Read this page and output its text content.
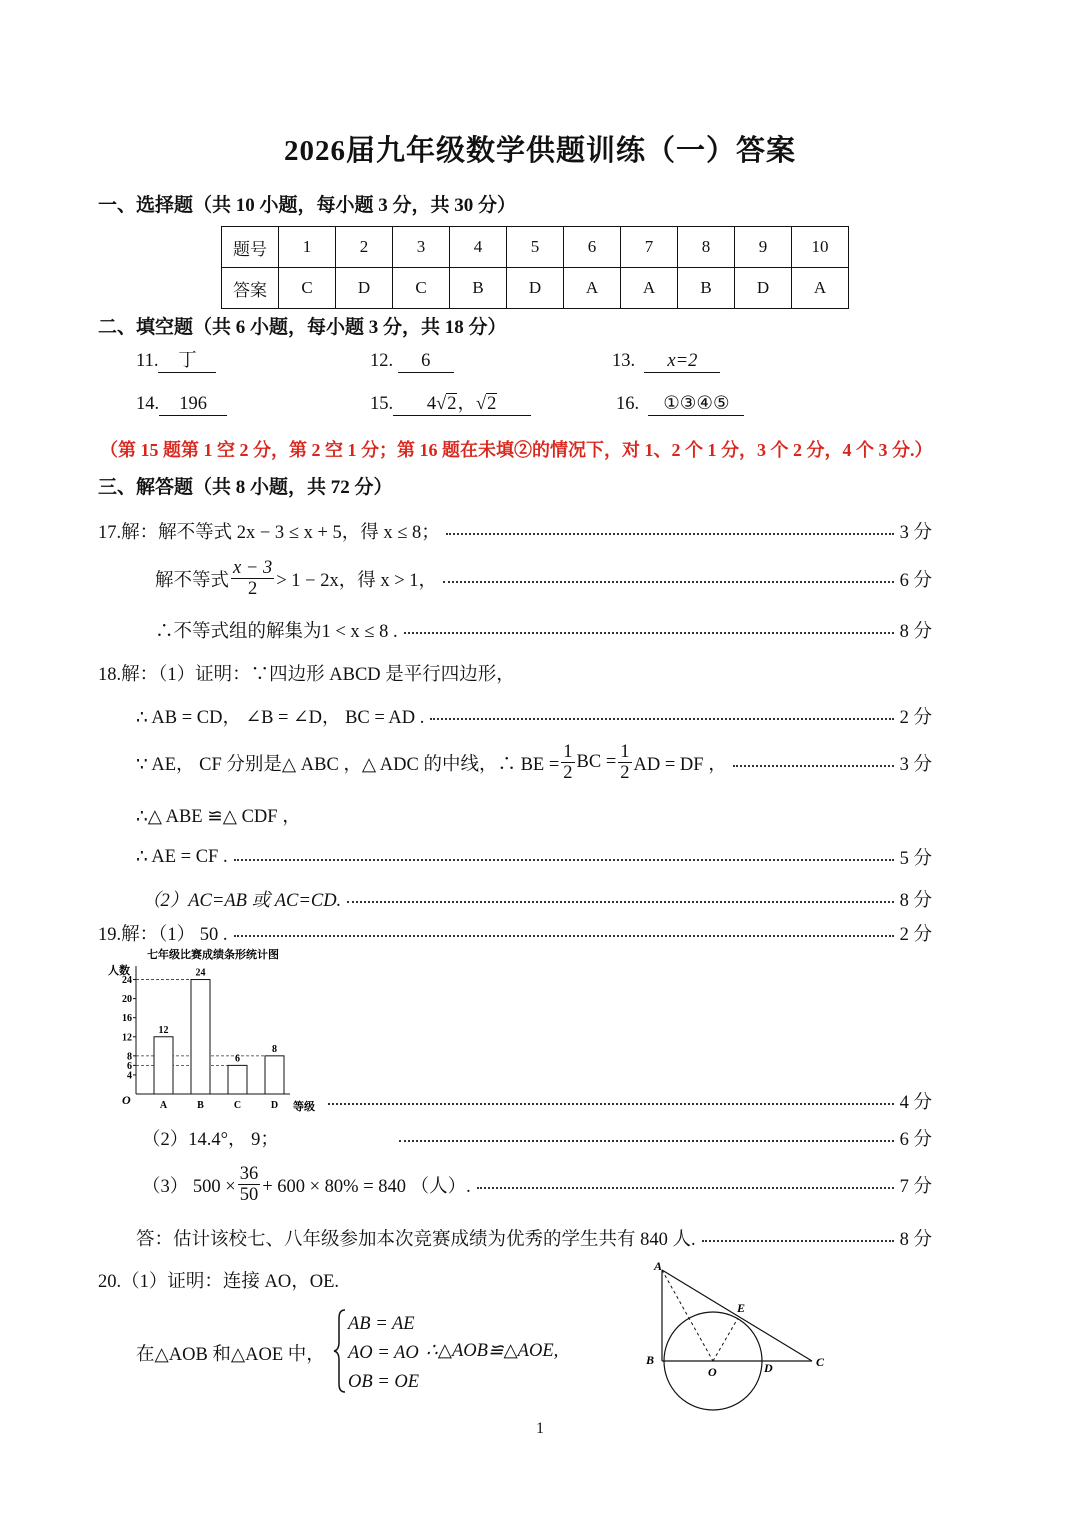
2026届九年级数学供题训练（一）答案
一、选择题（共 10 小题，每小题 3 分，共 30 分）
题号	1	2	3	4	5	6	7	8	9	10
答案	C	D	C	B	D	A	A	B	D	A
二、填空题（共 6 小题，每小题 3 分，共 18 分）
11. 丁	12. 6	13. x=2
14. 196	15. 4√2，√2	16. ①③④⑤
（第 15 题第 1 空 2 分，第 2 空 1 分；第 16 题在未填②的情况下，对 1、2 个 1 分，3 个 2 分，4 个 3 分.）
三、解答题（共 8 小题，共 72 分）
17.解：解不等式 2x − 3 ≤ x + 5，得 x ≤ 8；	3 分
解不等式 $\frac{x - 3}{2} > 1 - 2x$，得 x > 1，	6 分
∴不等式组的解集为1 < x ≤ 8 .	8 分
18.解：（1）证明：∵四边形 ABCD 是平行四边形，
∴ AB = CD， ∠B = ∠D， BC = AD .	2 分
∵ AE， CF 分别是△ ABC ，△ ADC 的中线，∴ BE = $\frac{1}{2}$ BC = $\frac{1}{2}$ AD = DF ，	3 分
∴△ ABE ≌△ CDF ，
∴ AE = CF .	5 分
（2）AC=AB 或 AC=CD.	8 分
19.解：（1） 50 .	2 分
七年级比赛成绩条形统计图
人数
O	等级
4
6
8
12
16
20
24
12
A
24
B
6
C
8
D	4 分
（2）14.4°， 9；	6 分
（3） $500 \times \frac{36}{50} + 600 \times 80\% = 840$ （人）.	7 分
答：估计该校七、八年级参加本次竞赛成绩为优秀的学生共有 840 人.	8 分
20.（1）证明：连接 AO，OE.
在△AOB 和△AOE 中，
AB = AE
AO = AO
OB = OE
∴△AOB≌△AOE,
A
E
B
O	D	C
1
